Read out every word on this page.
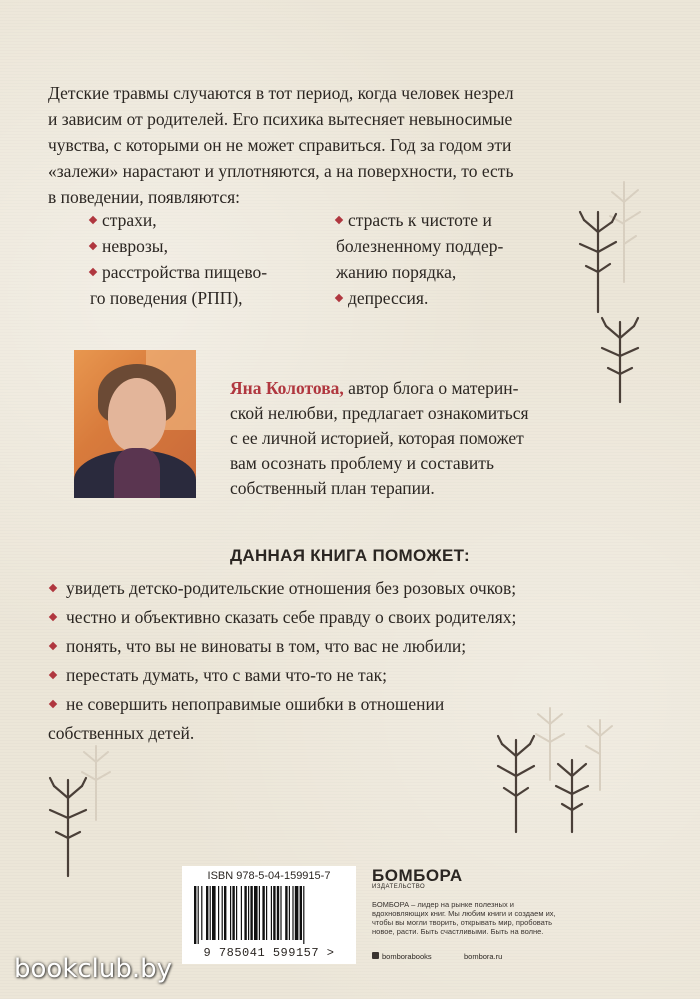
Детские травмы случаются в тот период, когда человек незрел
и зависим от родителей. Его психика вытесняет невыносимые
чувства, с которыми он не может справиться. Год за годом эти
«залежи» нарастают и уплотняются, а на поверхности, то есть
в поведении, появляются:

страхи,
неврозы,
расстройства пищево-
го поведения (РПП),
страсть к чистоте и
болезненному поддер-
жанию порядка,
депрессия.

Яна Колотова, автор блога о материн-
ской нелюбви, предлагает ознакомиться
с ее личной историей, которая поможет
вам осознать проблему и составить
собственный план терапии.

ДАННАЯ КНИГА ПОМОЖЕТ:
увидеть детско-родительские отношения без розовых очков;
честно и объективно сказать себе правду о своих родителях;
понять, что вы не виноваты в том, что вас не любили;
перестать думать, что с вами что-то не так;
не совершить непоправимые ошибки в отношении
собственных детей.
ISBN 978-5-04-159915-7
9 785041 599157 >
БОМБОРА
ИЗДАТЕЛЬСТВО
БОМБОРА – лидер на рынке полезных и вдохновляющих книг. Мы любим книги и создаем их, чтобы вы могли творить, открывать мир, пробовать новое, расти. Быть счастливыми. Быть на волне.
bomborabooks	bombora.ru
bookclub.by
